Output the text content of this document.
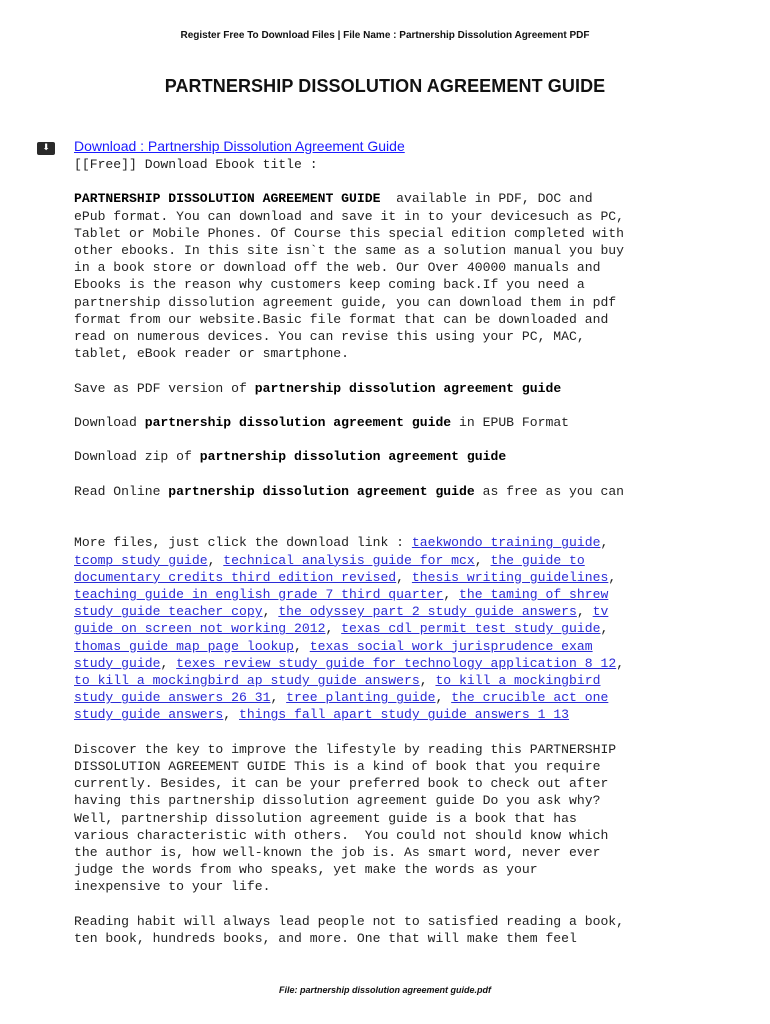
Register Free To Download Files | File Name : Partnership Dissolution Agreement PDF
PARTNERSHIP DISSOLUTION AGREEMENT GUIDE
⬇	Download : Partnership Dissolution Agreement Guide

[[Free]] Download Ebook title :

PARTNERSHIP DISSOLUTION AGREEMENT GUIDE  available in PDF, DOC and

ePub format. You can download and save it in to your devicesuch as PC,

Tablet or Mobile Phones. Of Course this special edition completed with

other ebooks. In this site isn`t the same as a solution manual you buy

in a book store or download off the web. Our Over 40000 manuals and

Ebooks is the reason why customers keep coming back.If you need a

partnership dissolution agreement guide, you can download them in pdf

format from our website.Basic file format that can be downloaded and

read on numerous devices. You can revise this using your PC, MAC,

tablet, eBook reader or smartphone.

Save as PDF version of partnership dissolution agreement guide

Download partnership dissolution agreement guide in EPUB Format

Download zip of partnership dissolution agreement guide

Read Online partnership dissolution agreement guide as free as you can

More files, just click the download link : taekwondo training guide,

tcomp study guide, technical analysis guide for mcx, the guide to

documentary credits third edition revised, thesis writing guidelines,

teaching guide in english grade 7 third quarter, the taming of shrew

study guide teacher copy, the odyssey part 2 study guide answers, tv

guide on screen not working 2012, texas cdl permit test study guide,

thomas guide map page lookup, texas social work jurisprudence exam

study guide, texes review study guide for technology application 8 12,

to kill a mockingbird ap study guide answers, to kill a mockingbird

study guide answers 26 31, tree planting guide, the crucible act one

study guide answers, things fall apart study guide answers 1 13

Discover the key to improve the lifestyle by reading this PARTNERSHIP

DISSOLUTION AGREEMENT GUIDE This is a kind of book that you require

currently. Besides, it can be your preferred book to check out after

having this partnership dissolution agreement guide Do you ask why?

Well, partnership dissolution agreement guide is a book that has

various characteristic with others.  You could not should know which

the author is, how well-known the job is. As smart word, never ever

judge the words from who speaks, yet make the words as your

inexpensive to your life.

Reading habit will always lead people not to satisfied reading a book,

ten book, hundreds books, and more. One that will make them feel

File: partnership dissolution agreement guide.pdf
